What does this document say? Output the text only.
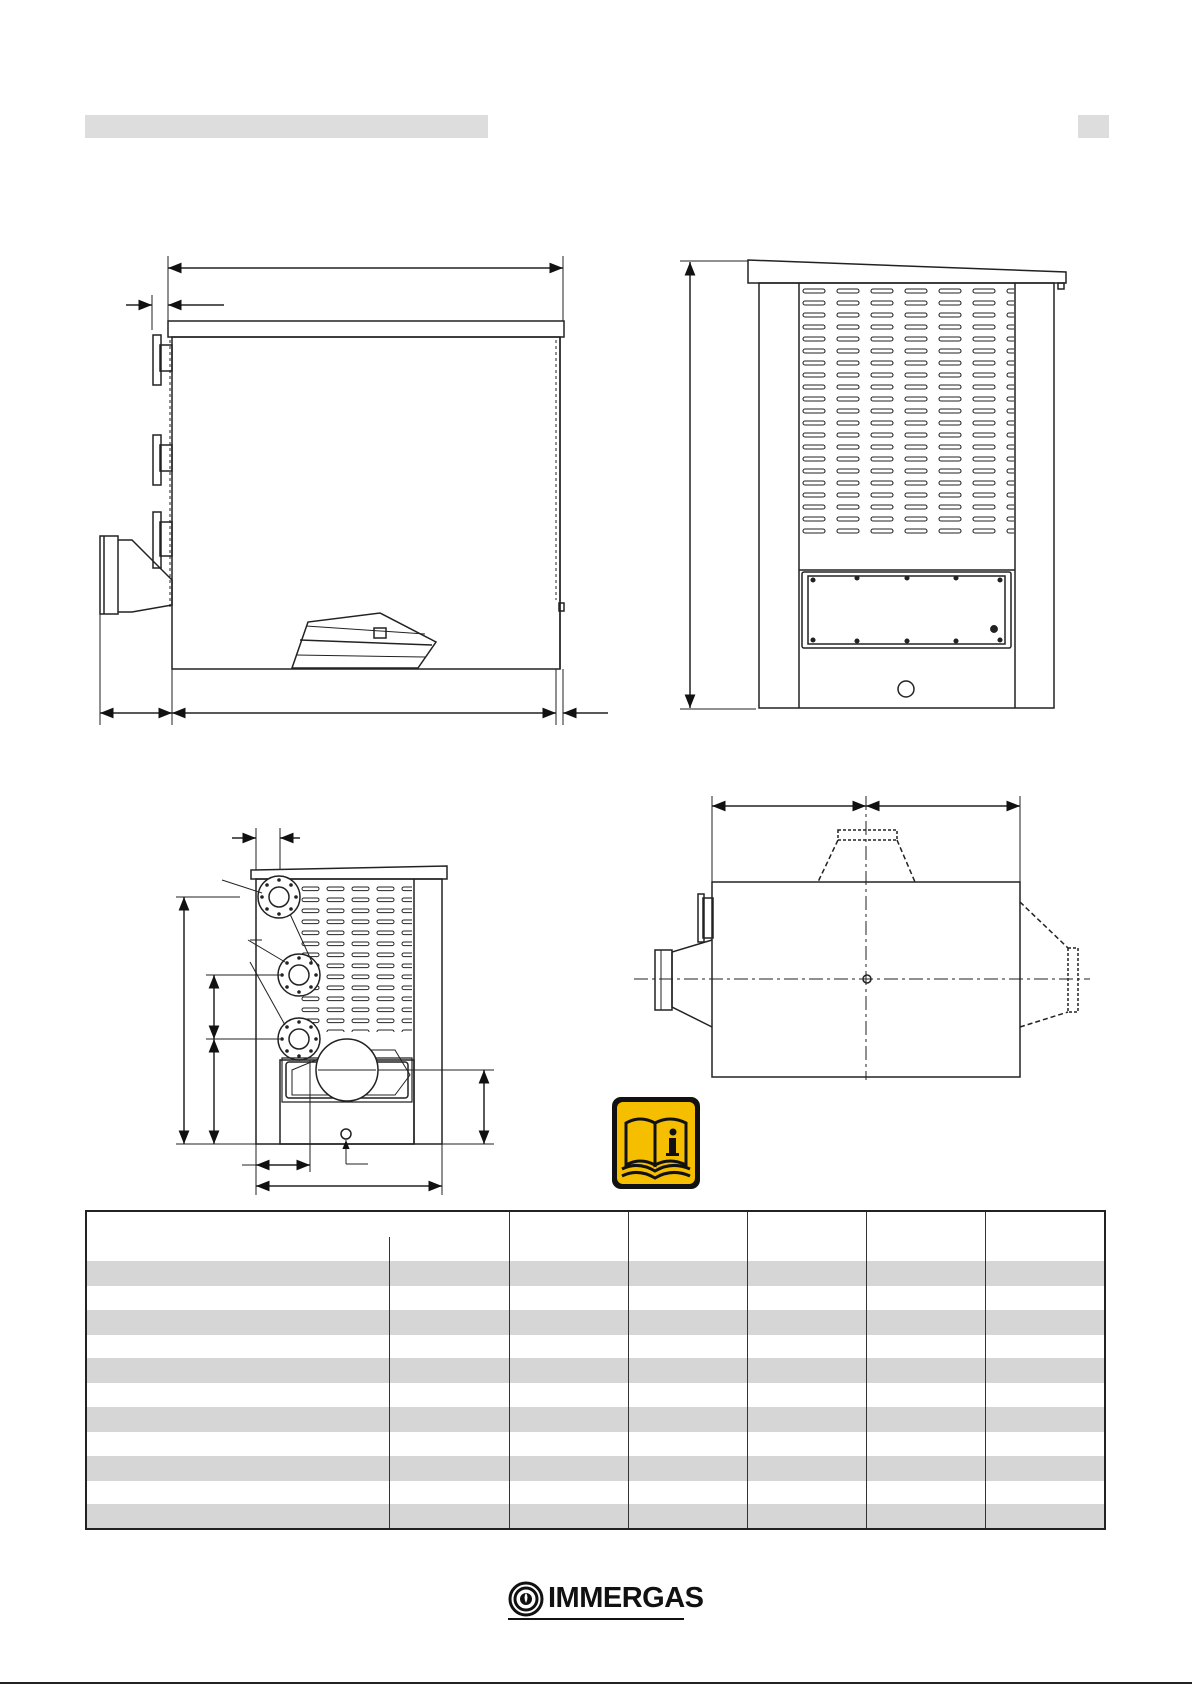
IMMERGAS
